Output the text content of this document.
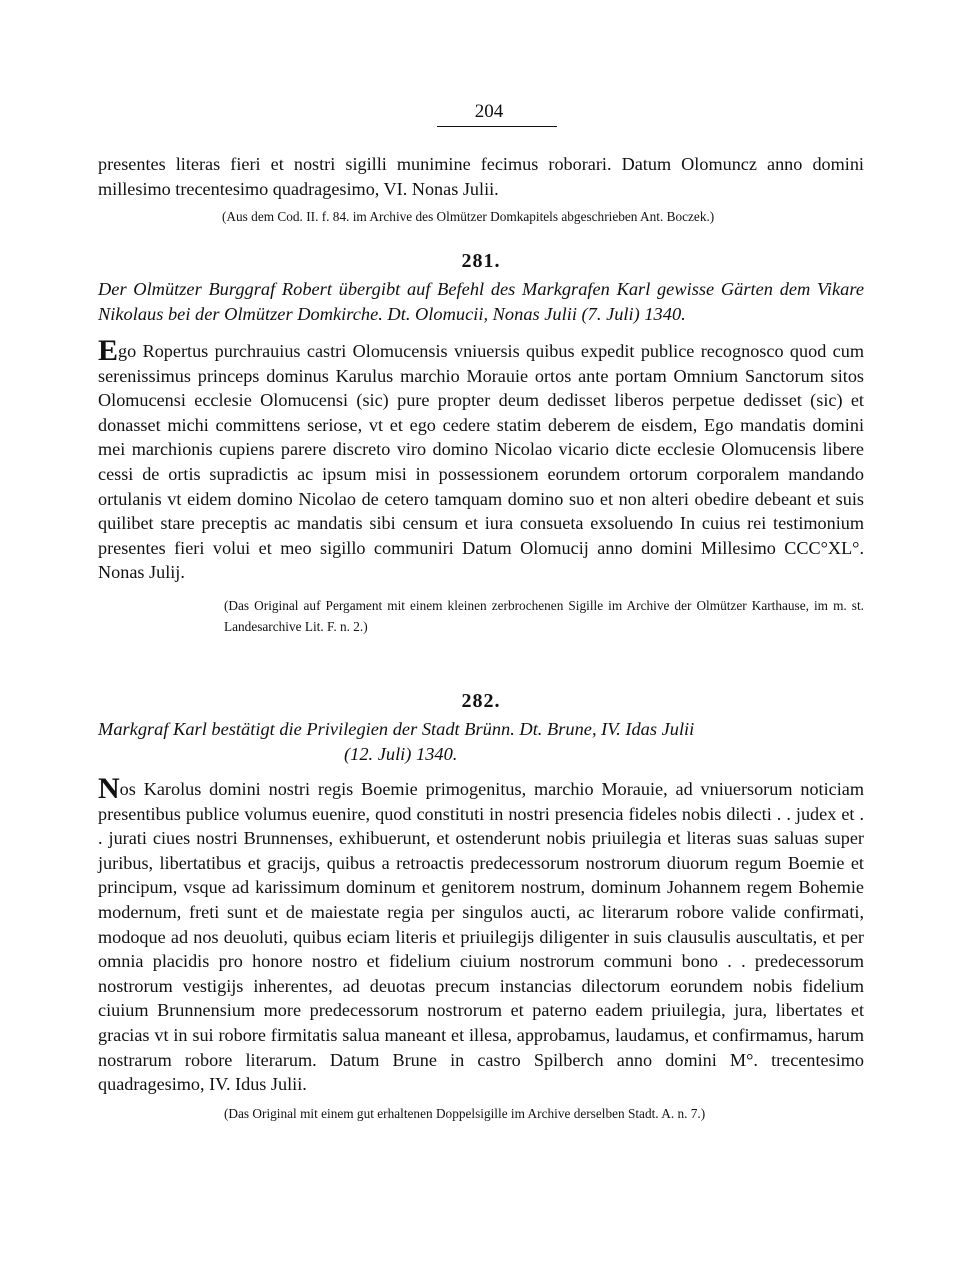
204

presentes literas fieri et nostri sigilli munimine fecimus roborari. Datum Olomuncz anno domini millesimo trecentesimo quadragesimo, VI. Nonas Julii.

(Aus dem Cod. II. f. 84. im Archive des Olmützer Domkapitels abgeschrieben Ant. Boczek.)

281.

Der Olmützer Burggraf Robert übergibt auf Befehl des Markgrafen Karl gewisse Gärten dem Vikare Nikolaus bei der Olmützer Domkirche. Dt. Olomucii, Nonas Julii (7. Juli) 1340.

Ego Ropertus purchrauius castri Olomucensis vniuersis quibus expedit publice recognosco quod cum serenissimus princeps dominus Karulus marchio Morauie ortos ante portam Omnium Sanctorum sitos Olomucensi ecclesie Olomucensi (sic) pure propter deum dedisset liberos perpetue dedisset (sic) et donasset michi committens seriose, vt et ego cedere statim deberem de eisdem, Ego mandatis domini mei marchionis cupiens parere discreto viro domino Nicolao vicario dicte ecclesie Olomucensis libere cessi de ortis supradictis ac ipsum misi in possessionem eorundem ortorum corporalem mandando ortulanis vt eidem domino Nicolao de cetero tamquam domino suo et non alteri obedire debeant et suis quilibet stare preceptis ac mandatis sibi censum et iura consueta exsoluendo In cuius rei testimonium presentes fieri volui et meo sigillo communiri Datum Olomucij anno domini Millesimo CCC°XL°. Nonas Julij.

(Das Original auf Pergament mit einem kleinen zerbrochenen Sigille im Archive der Olmützer Karthause, im m. st. Landesarchive Lit. F. n. 2.)

282.
Markgraf Karl bestätigt die Privilegien der Stadt Brünn. Dt. Brune, IV. Idas Julii
(12. Juli) 1340.

Nos Karolus domini nostri regis Boemie primogenitus, marchio Morauie, ad vniuersorum noticiam presentibus publice volumus euenire, quod constituti in nostri presencia fideles nobis dilecti . . judex et . . jurati ciues nostri Brunnenses, exhibuerunt, et ostenderunt nobis priuilegia et literas suas saluas super juribus, libertatibus et gracijs, quibus a retroactis predecessorum nostrorum diuorum regum Boemie et principum, vsque ad karissimum dominum et genitorem nostrum, dominum Johannem regem Bohemie modernum, freti sunt et de maiestate regia per singulos aucti, ac literarum robore valide confirmati, modoque ad nos deuoluti, quibus eciam literis et priuilegijs diligenter in suis clausulis auscultatis, et per omnia placidis pro honore nostro et fidelium ciuium nostrorum communi bono . . predecessorum nostrorum vestigijs inherentes, ad deuotas precum instancias dilectorum eorundem nobis fidelium ciuium Brunnensium more predecessorum nostrorum et paterno eadem priuilegia, jura, libertates et gracias vt in sui robore firmitatis salua maneant et illesa, approbamus, laudamus, et confirmamus, harum nostrarum robore literarum. Datum Brune in castro Spilberch anno domini M°. trecentesimo quadragesimo, IV. Idus Julii.

(Das Original mit einem gut erhaltenen Doppelsigille im Archive derselben Stadt. A. n. 7.)
